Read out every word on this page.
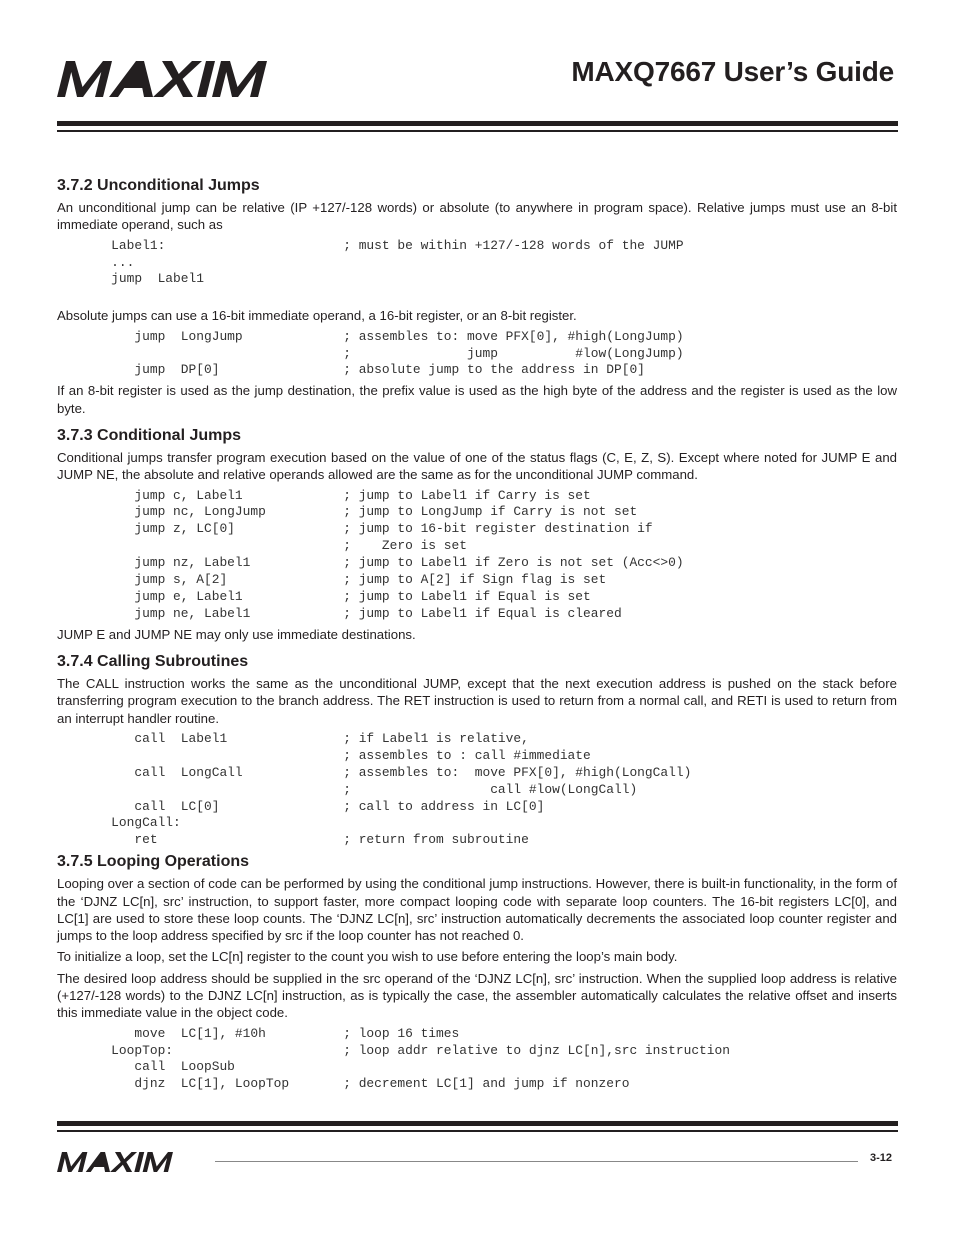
MAXQ7667 User’s Guide
3.7.2 Unconditional Jumps

An unconditional jump can be relative (IP +127/-128 words) or absolute (to anywhere in program space). Relative jumps must use an 8-bit immediate operand, such as

Label1:                       ; must be within +127/-128 words of the JUMP
...
jump  Label1

Absolute jumps can use a 16-bit immediate operand, a 16-bit register, or an 8-bit register.

jump  LongJump             ; assembles to: move PFX[0], #high(LongJump)
;               jump          #low(LongJump)
jump  DP[0]                ; absolute jump to the address in DP[0]

If an 8-bit register is used as the jump destination, the prefix value is used as the high byte of the address and the register is used as the low byte.

3.7.3 Conditional Jumps

Conditional jumps transfer program execution based on the value of one of the status flags (C, E, Z, S). Except where noted for JUMP E and JUMP NE, the absolute and relative operands allowed are the same as for the unconditional JUMP command.

jump c, Label1             ; jump to Label1 if Carry is set
jump nc, LongJump          ; jump to LongJump if Carry is not set
jump z, LC[0]              ; jump to 16-bit register destination if
;    Zero is set
jump nz, Label1            ; jump to Label1 if Zero is not set (Acc<>0)
jump s, A[2]               ; jump to A[2] if Sign flag is set
jump e, Label1             ; jump to Label1 if Equal is set
jump ne, Label1            ; jump to Label1 if Equal is cleared

JUMP E and JUMP NE may only use immediate destinations.

3.7.4 Calling Subroutines

The CALL instruction works the same as the unconditional JUMP, except that the next execution address is pushed on the stack before transferring program execution to the branch address. The RET instruction is used to return from a normal call, and RETI is used to return from an interrupt handler routine.

call  Label1               ; if Label1 is relative,
; assembles to : call #immediate
call  LongCall             ; assembles to:  move PFX[0], #high(LongCall)
;                  call #low(LongCall)
call  LC[0]                ; call to address in LC[0]
LongCall:
ret                        ; return from subroutine
3.7.5 Looping Operations

Looping over a section of code can be performed by using the conditional jump instructions. However, there is built-in functionality, in the form of the ‘DJNZ LC[n], src’ instruction, to support faster, more compact looping code with separate loop counters. The 16-bit registers LC[0], and LC[1] are used to store these loop counts. The ‘DJNZ LC[n], src’ instruction automatically decrements the associated loop counter register and jumps to the loop address specified by src if the loop counter has not reached 0.

To initialize a loop, set the LC[n] register to the count you wish to use before entering the loop’s main body.

The desired loop address should be supplied in the src operand of the ‘DJNZ LC[n], src’ instruction. When the supplied loop address is relative (+127/-128 words) to the DJNZ LC[n] instruction, as is typically the case, the assembler automatically calculates the relative offset and inserts this immediate value in the object code.

move  LC[1], #10h          ; loop 16 times
LoopTop:                      ; loop addr relative to djnz LC[n],src instruction
call  LoopSub
djnz  LC[1], LoopTop       ; decrement LC[1] and jump if nonzero
3-12
